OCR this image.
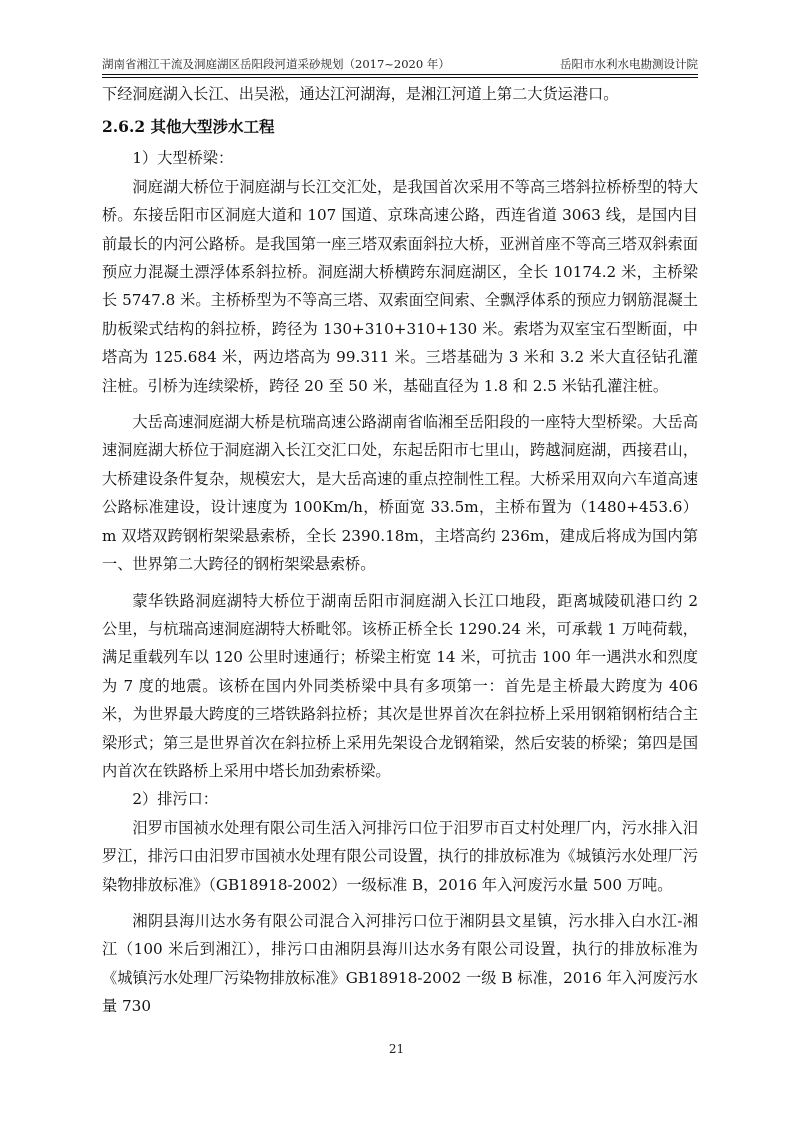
湖南省湘江干流及洞庭湖区岳阳段河道采砂规划（2017~2020 年）	岳阳市水利水电勘测设计院

下经洞庭湖入长江、出吴淞，通达江河湖海，是湘江河道上第二大货运港口。

2.6.2 其他大型涉水工程

1）大型桥梁：

洞庭湖大桥位于洞庭湖与长江交汇处，是我国首次采用不等高三塔斜拉桥桥型的特大桥。东接岳阳市区洞庭大道和 107 国道、京珠高速公路，西连省道 3063 线，是国内目前最长的内河公路桥。是我国第一座三塔双索面斜拉大桥，亚洲首座不等高三塔双斜索面预应力混凝土漂浮体系斜拉桥。洞庭湖大桥横跨东洞庭湖区，全长 10174.2 米，主桥梁长 5747.8 米。主桥桥型为不等高三塔、双索面空间索、全飘浮体系的预应力钢筋混凝土肋板梁式结构的斜拉桥，跨径为 130+310+310+130 米。索塔为双室宝石型断面，中塔高为 125.684 米，两边塔高为 99.311 米。三塔基础为 3 米和 3.2 米大直径钻孔灌注桩。引桥为连续梁桥，跨径 20 至 50 米，基础直径为 1.8 和 2.5 米钻孔灌注桩。

大岳高速洞庭湖大桥是杭瑞高速公路湖南省临湘至岳阳段的一座特大型桥梁。大岳高速洞庭湖大桥位于洞庭湖入长江交汇口处，东起岳阳市七里山，跨越洞庭湖，西接君山，大桥建设条件复杂，规模宏大，是大岳高速的重点控制性工程。大桥采用双向六车道高速公路标准建设，设计速度为 100Km/h，桥面宽 33.5m，主桥布置为（1480+453.6）m 双塔双跨钢桁架梁悬索桥，全长 2390.18m，主塔高约 236m，建成后将成为国内第一、世界第二大跨径的钢桁架梁悬索桥。

蒙华铁路洞庭湖特大桥位于湖南岳阳市洞庭湖入长江口地段，距离城陵矶港口约 2 公里，与杭瑞高速洞庭湖特大桥毗邻。该桥正桥全长 1290.24 米，可承载 1 万吨荷载，满足重载列车以 120 公里时速通行；桥梁主桁宽 14 米，可抗击 100 年一遇洪水和烈度为 7 度的地震。该桥在国内外同类桥梁中具有多项第一：首先是主桥最大跨度为 406 米，为世界最大跨度的三塔铁路斜拉桥；其次是世界首次在斜拉桥上采用钢箱钢桁结合主梁形式；第三是世界首次在斜拉桥上采用先架设合龙钢箱梁，然后安装的桥梁；第四是国内首次在铁路桥上采用中塔长加劲索桥梁。

2）排污口：

汨罗市国祯水处理有限公司生活入河排污口位于汨罗市百丈村处理厂内，污水排入汨罗江，排污口由汨罗市国祯水处理有限公司设置，执行的排放标准为《城镇污水处理厂污染物排放标准》（GB18918-2002）一级标准 B，2016 年入河废污水量 500 万吨。

湘阴县海川达水务有限公司混合入河排污口位于湘阴县文星镇，污水排入白水江-湘江（100 米后到湘江），排污口由湘阴县海川达水务有限公司设置，执行的排放标准为《城镇污水处理厂污染物排放标准》GB18918-2002 一级 B 标准，2016 年入河废污水量 730

21
